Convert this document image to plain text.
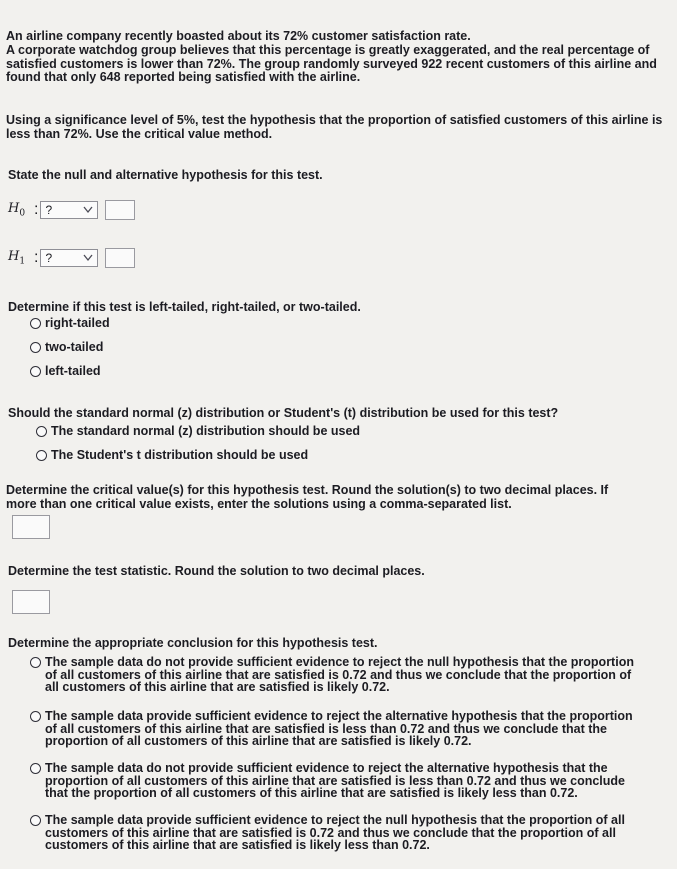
An airline company recently boasted about its 72% customer satisfaction rate.
A corporate watchdog group believes that this percentage is greatly exaggerated, and the real percentage of satisfied customers is lower than 72%. The group randomly surveyed 922 recent customers of this airline and found that only 648 reported being satisfied with the airline.
Using a significance level of 5%, test the hypothesis that the proportion of satisfied customers of this airline is less than 72%. Use the critical value method.
State the null and alternative hypothesis for this test.
$H_0$ : ?
$H_1$ : ?
Determine if this test is left-tailed, right-tailed, or two-tailed.
right-tailed
two-tailed
left-tailed
Should the standard normal (z) distribution or Student's (t) distribution be used for this test?
The standard normal (z) distribution should be used
The Student's t distribution should be used
Determine the critical value(s) for this hypothesis test. Round the solution(s) to two decimal places. If more than one critical value exists, enter the solutions using a comma-separated list.
Determine the test statistic. Round the solution to two decimal places.
Determine the appropriate conclusion for this hypothesis test.
The sample data do not provide sufficient evidence to reject the null hypothesis that the proportion of all customers of this airline that are satisfied is 0.72 and thus we conclude that the proportion of all customers of this airline that are satisfied is likely 0.72.
The sample data provide sufficient evidence to reject the alternative hypothesis that the proportion of all customers of this airline that are satisfied is less than 0.72 and thus we conclude that the proportion of all customers of this airline that are satisfied is likely 0.72.
The sample data do not provide sufficient evidence to reject the alternative hypothesis that the proportion of all customers of this airline that are satisfied is less than 0.72 and thus we conclude that the proportion of all customers of this airline that are satisfied is likely less than 0.72.
The sample data provide sufficient evidence to reject the null hypothesis that the proportion of all customers of this airline that are satisfied is 0.72 and thus we conclude that the proportion of all customers of this airline that are satisfied is likely less than 0.72.
